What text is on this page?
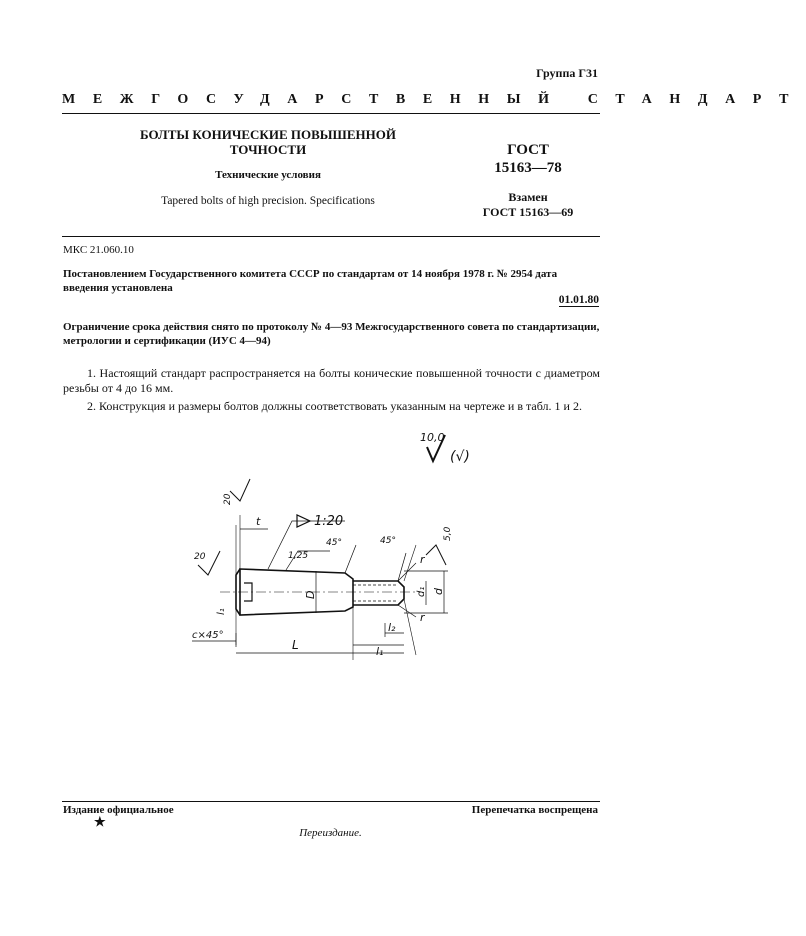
Группа Г31
МЕЖГОСУДАРСТВЕННЫЙ СТАНДАРТ
БОЛТЫ КОНИЧЕСКИЕ ПОВЫШЕННОЙ
ТОЧНОСТИ
Технические условия
Tapered bolts of high precision. Specifications
ГОСТ
15163—78
Взамен
ГОСТ 15163—69
МКС 21.060.10
Постановлением Государственного комитета СССР по стандартам от 14 ноября 1978 г. № 2954 дата введения установлена
01.01.80
Ограничение срока действия снято по протоколу № 4—93 Межгосударственного совета по стандартизации, метрологии и сертификации (ИУС 4—94)

1. Настоящий стандарт распространяется на болты конические повышенной точности с диаметром резьбы от 4 до 16 мм.

2. Конструкция и размеры болтов должны соответствовать указанным на чертеже и в табл. 1 и 2.

10,0
(√)
20
20
5,0
1,25
1:20
t
45°	45°
r
r
d₁ d
D
l₁
c×45°
L	l₁
l₂
Издание официальное	Перепечатка воспрещена
★
Переиздание.
